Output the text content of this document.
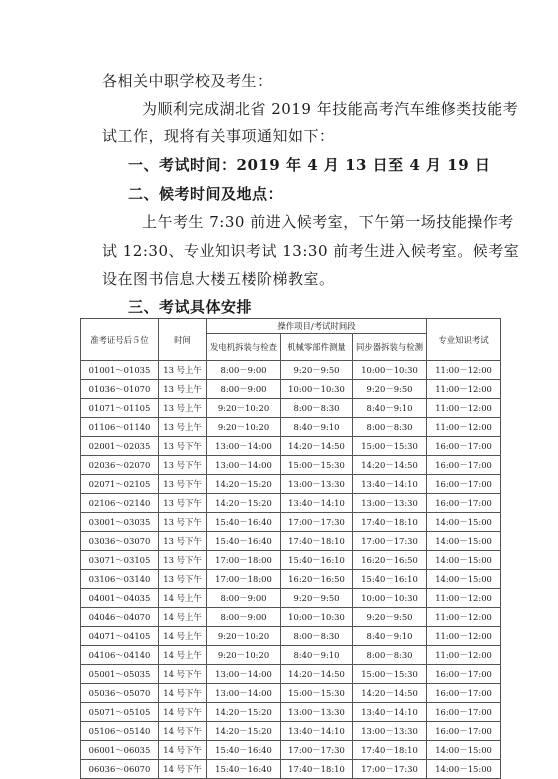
各相关中职学校及考生：
为顺利完成湖北省 2019 年技能高考汽车维修类技能考
试工作，现将有关事项通知如下：
一、考试时间：2019 年 4 月 13 日至 4 月 19 日
二、候考时间及地点：
上午考生 7:30 前进入候考室，下午第一场技能操作考
试 12:30、专业知识考试 13:30 前考生进入候考室。候考室
设在图书信息大楼五楼阶梯教室。
三、考试具体安排
准考证号后５位	时间	操作项目/考试时间段			专业知识考试
		发电机拆装与检查	机械零部件测量	同步器拆装与检测	
01001～01035	13 号上午	8:00－9:00	9:20－9:50	10:00－10:30	11:00－12:00
01036～01070	13 号上午	8:00－9:00	10:00－10:30	9:20－9:50	11:00－12:00
01071～01105	13 号上午	9:20－10:20	8:00－8:30	8:40－9:10	11:00－12:00
01106～01140	13 号上午	9:20－10:20	8:40－9:10	8:00－8:30	11:00－12:00
02001～02035	13 号下午	13:00－14:00	14:20－14:50	15:00－15:30	16:00－17:00
02036～02070	13 号下午	13:00－14:00	15:00－15:30	14:20－14:50	16:00－17:00
02071～02105	13 号下午	14:20－15:20	13:00－13:30	13:40－14:10	16:00－17:00
02106～02140	13 号下午	14:20－15:20	13:40－14:10	13:00－13:30	16:00－17:00
03001～03035	13 号下午	15:40－16:40	17:00－17:30	17:40－18:10	14:00－15:00
03036～03070	13 号下午	15:40－16:40	17:40－18:10	17:00－17:30	14:00－15:00
03071～03105	13 号下午	17:00－18:00	15:40－16:10	16:20－16:50	14:00－15:00
03106～03140	13 号下午	17:00－18:00	16:20－16:50	15:40－16:10	14:00－15:00
04001～04035	14 号上午	8:00－9:00	9:20－9:50	10:00－10:30	11:00－12:00
04046～04070	14 号上午	8:00－9:00	10:00－10:30	9:20－9:50	11:00－12:00
04071～04105	14 号上午	9:20－10:20	8:00－8:30	8:40－9:10	11:00－12:00
04106～04140	14 号上午	9:20－10:20	8:40－9:10	8:00－8:30	11:00－12:00
05001～05035	14 号下午	13:00－14:00	14:20－14:50	15:00－15:30	16:00－17:00
05036～05070	14 号下午	13:00－14:00	15:00－15:30	14:20－14:50	16:00－17:00
05071～05105	14 号下午	14:20－15:20	13:00－13:30	13:40－14:10	16:00－17:00
05106～05140	14 号下午	14:20－15:20	13:40－14:10	13:00－13:30	16:00－17:00
06001～06035	14 号下午	15:40－16:40	17:00－17:30	17:40－18:10	14:00－15:00
06036～06070	14 号下午	15:40－16:40	17:40－18:10	17:00－17:30	14:00－15:00
